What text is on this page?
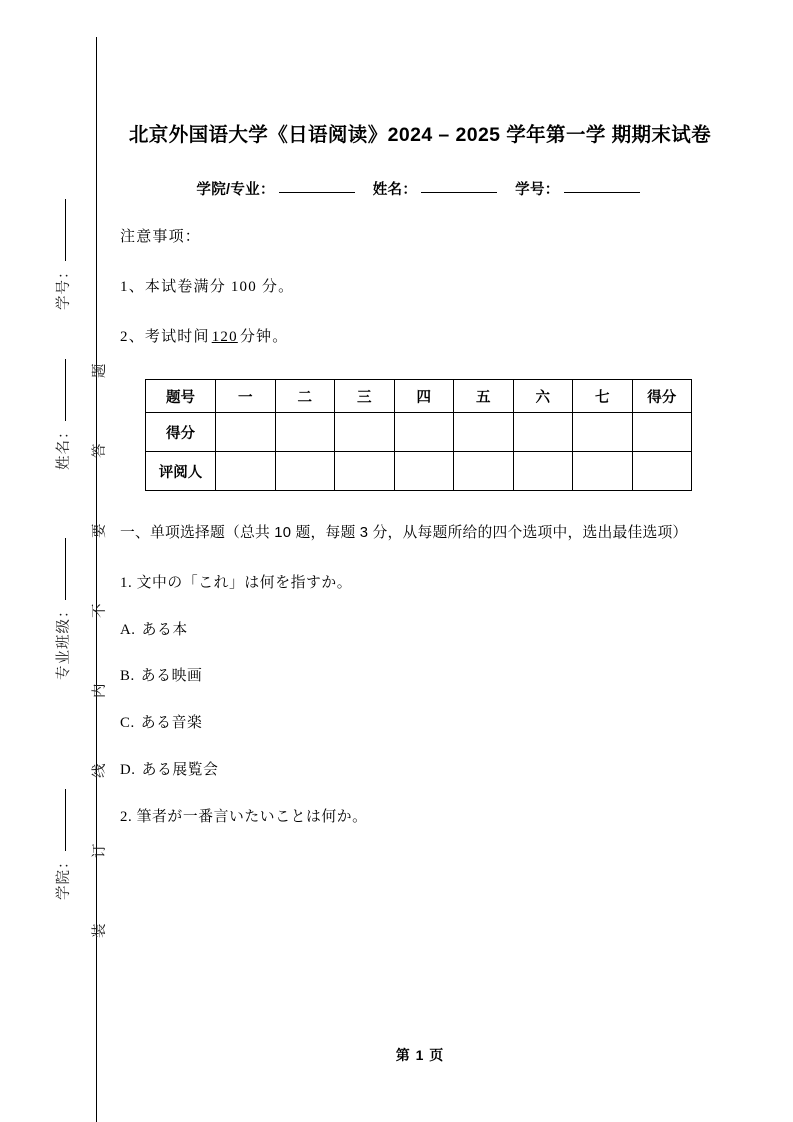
学号：
姓名：
专业班级：
学院：
题
答
要
不
内
线
订
装
北京外国语大学《日语阅读》2024 – 2025 学年第一学 期期末试卷

学院/专业：	姓名：	学号：

注意事项：

1、本试卷满分 100 分。

2、考试时间 120 分钟。

题号	一	二	三	四	五	六	七	得分
得分								
评阅人								

一、单项选择题（总共 10 题，每题 3 分，从每题所给的四个选项中，选出最佳选项）

1. 文中の「これ」は何を指すか。

A. ある本

B. ある映画

C. ある音楽

D. ある展覧会

2. 筆者が一番言いたいことは何か。

第 1 页
